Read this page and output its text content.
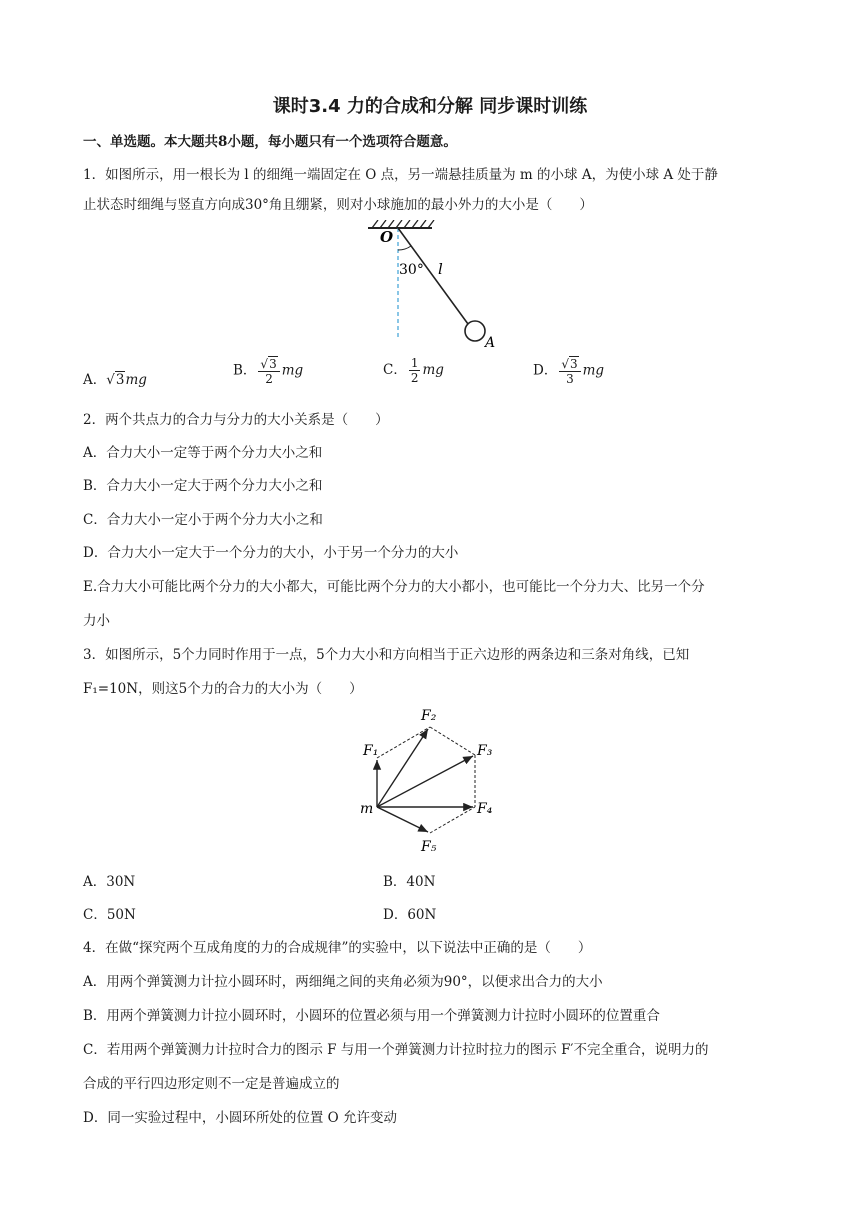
课时3.4 力的合成和分解 同步课时训练
一、单选题。本大题共8小题，每小题只有一个选项符合题意。
1．如图所示，用一根长为 l 的细绳一端固定在 O 点，另一端悬挂质量为 m 的小球 A，为使小球 A 处于静
止状态时细绳与竖直方向成30°角且绷紧，则对小球施加的最小外力的大小是（　　）
O
30° l
A
A．√3mg
B． $\frac{√3}{2}$ mg	C． $\frac{1}{2}$ mg	D． $\frac{√3}{3}$ mg
2．两个共点力的合力与分力的大小关系是（　　）
A．合力大小一定等于两个分力大小之和
B．合力大小一定大于两个分力大小之和
C．合力大小一定小于两个分力大小之和
D．合力大小一定大于一个分力的大小，小于另一个分力的大小
E.合力大小可能比两个分力的大小都大，可能比两个分力的大小都小，也可能比一个分力大、比另一个分
力小
3．如图所示，5个力同时作用于一点，5个力大小和方向相当于正六边形的两条边和三条对角线，已知
F₁=10N，则这5个力的合力的大小为（　　）
F₁
F₂
F₃
F₄
F₅
m
A．30N	B．40N
C．50N	D．60N
4．在做“探究两个互成角度的力的合成规律”的实验中，以下说法中正确的是（　　）
A．用两个弹簧测力计拉小圆环时，两细绳之间的夹角必须为90°，以便求出合力的大小
B．用两个弹簧测力计拉小圆环时，小圆环的位置必须与用一个弹簧测力计拉时小圆环的位置重合
C．若用两个弹簧测力计拉时合力的图示 F 与用一个弹簧测力计拉时拉力的图示 F′不完全重合，说明力的
合成的平行四边形定则不一定是普遍成立的
D．同一实验过程中，小圆环所处的位置 O 允许变动
